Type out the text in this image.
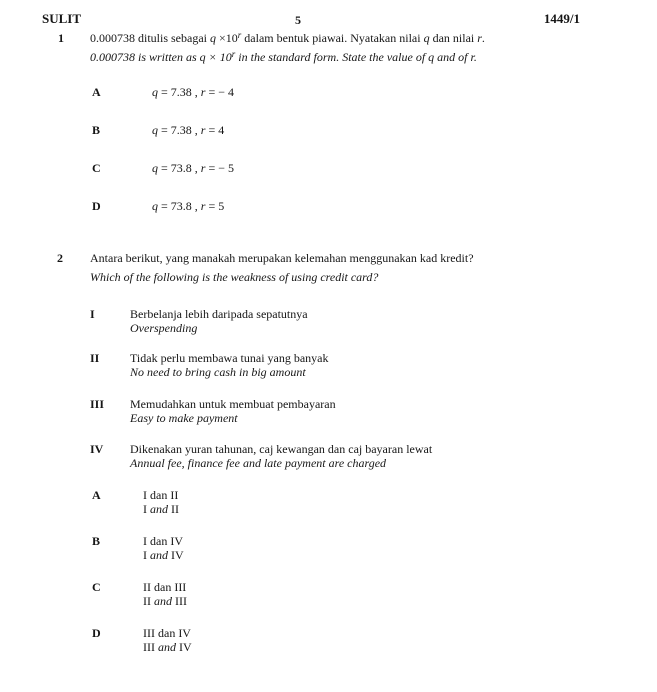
SULIT	5	1449/1
1 0.000738 ditulis sebagai $q \times 10^r$ dalam bentuk piawai. Nyatakan nilai q dan nilai r.
0.000738 is written as $q \times 10^r$ in the standard form. State the value of q and of r.
A	q = 7.38 , r = − 4
B	q = 7.38 , r = 4
C	q = 73.8 , r = − 5
D	q = 73.8 , r = 5
2 Antara berikut, yang manakah merupakan kelemahan menggunakan kad kredit?
Which of the following is the weakness of using credit card?
I	Berbelanja lebih daripada sepatutnya
Overspending
II	Tidak perlu membawa tunai yang banyak
No need to bring cash in big amount
III Memudahkan untuk membuat pembayaran
Easy to make payment
IV Dikenakan yuran tahunan, caj kewangan dan caj bayaran lewat
Annual fee, finance fee and late payment are charged
A	I dan II
I and II
B	I dan IV
I and IV
C	II dan III
II and III
D	III dan IV
III and IV
